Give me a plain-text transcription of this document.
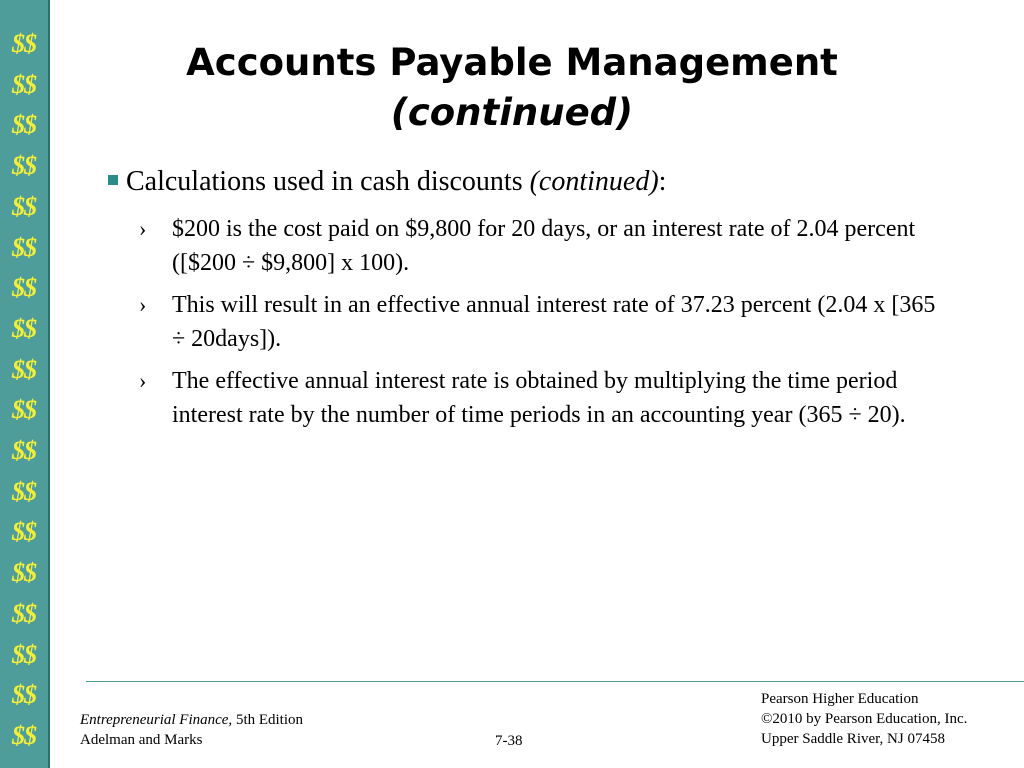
$$
$$
$$
$$
$$
$$
$$
$$
$$
$$
$$
$$
$$
$$
$$
$$
$$
$$
Accounts Payable Management
(continued)
Calculations used in cash discounts (continued):
› $200 is the cost paid on $9,800 for 20 days, or an interest rate of 2.04 percent ([$200 ÷ $9,800] x 100).
› This will result in an effective annual interest rate of 37.23 percent (2.04 x [365 ÷ 20days]).
› The effective annual interest rate is obtained by multiplying the time period interest rate by the number of time periods in an accounting year (365 ÷ 20).
Entrepreneurial Finance, 5th Edition
Adelman and Marks	7-38
Pearson Higher Education
©2010 by Pearson Education, Inc.
Upper Saddle River, NJ 07458
